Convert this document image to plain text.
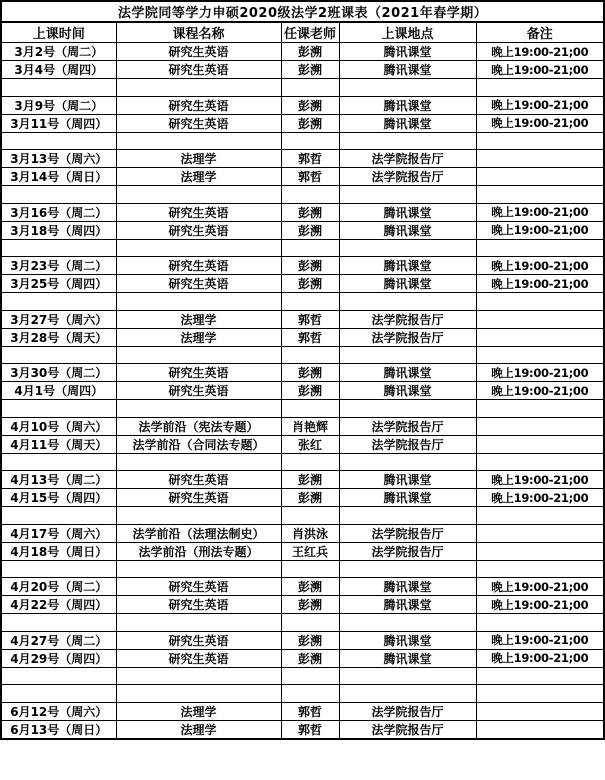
法学院同等学力申硕2020级法学2班课表（2021年春学期）				
上课时间	课程名称	任课老师	上课地点	备注
3月2号（周二）	研究生英语	彭溯	腾讯课堂	晚上19:00-21;00
3月4号（周四）	研究生英语	彭溯	腾讯课堂	晚上19:00-21;00

3月9号（周二）	研究生英语	彭溯	腾讯课堂	晚上19:00-21;00
3月11号（周四）	研究生英语	彭溯	腾讯课堂	晚上19:00-21;00

3月13号（周六）	法理学	郭哲	法学院报告厅	
3月14号（周日）	法理学	郭哲	法学院报告厅	

3月16号（周二）	研究生英语	彭溯	腾讯课堂	晚上19:00-21;00
3月18号（周四）	研究生英语	彭溯	腾讯课堂	晚上19:00-21;00

3月23号（周二）	研究生英语	彭溯	腾讯课堂	晚上19:00-21;00
3月25号（周四）	研究生英语	彭溯	腾讯课堂	晚上19:00-21;00

3月27号（周六）	法理学	郭哲	法学院报告厅	
3月28号（周天）	法理学	郭哲	法学院报告厅	

3月30号（周二）	研究生英语	彭溯	腾讯课堂	晚上19:00-21;00
4月1号（周四）	研究生英语	彭溯	腾讯课堂	晚上19:00-21;00

4月10号（周六）	法学前沿（宪法专题）	肖艳辉	法学院报告厅	
4月11号（周天）	法学前沿（合同法专题）	张红	法学院报告厅	

4月13号（周二）	研究生英语	彭溯	腾讯课堂	晚上19:00-21;00
4月15号（周四）	研究生英语	彭溯	腾讯课堂	晚上19:00-21;00

4月17号（周六）	法学前沿（法理法制史）	肖洪泳	法学院报告厅	
4月18号（周日）	法学前沿（刑法专题）	王红兵	法学院报告厅	

4月20号（周二）	研究生英语	彭溯	腾讯课堂	晚上19:00-21;00
4月22号（周四）	研究生英语	彭溯	腾讯课堂	晚上19:00-21;00

4月27号（周二）	研究生英语	彭溯	腾讯课堂	晚上19:00-21;00
4月29号（周四）	研究生英语	彭溯	腾讯课堂	晚上19:00-21;00

6月12号（周六）	法理学	郭哲	法学院报告厅	
6月13号（周日）	法理学	郭哲	法学院报告厅	
